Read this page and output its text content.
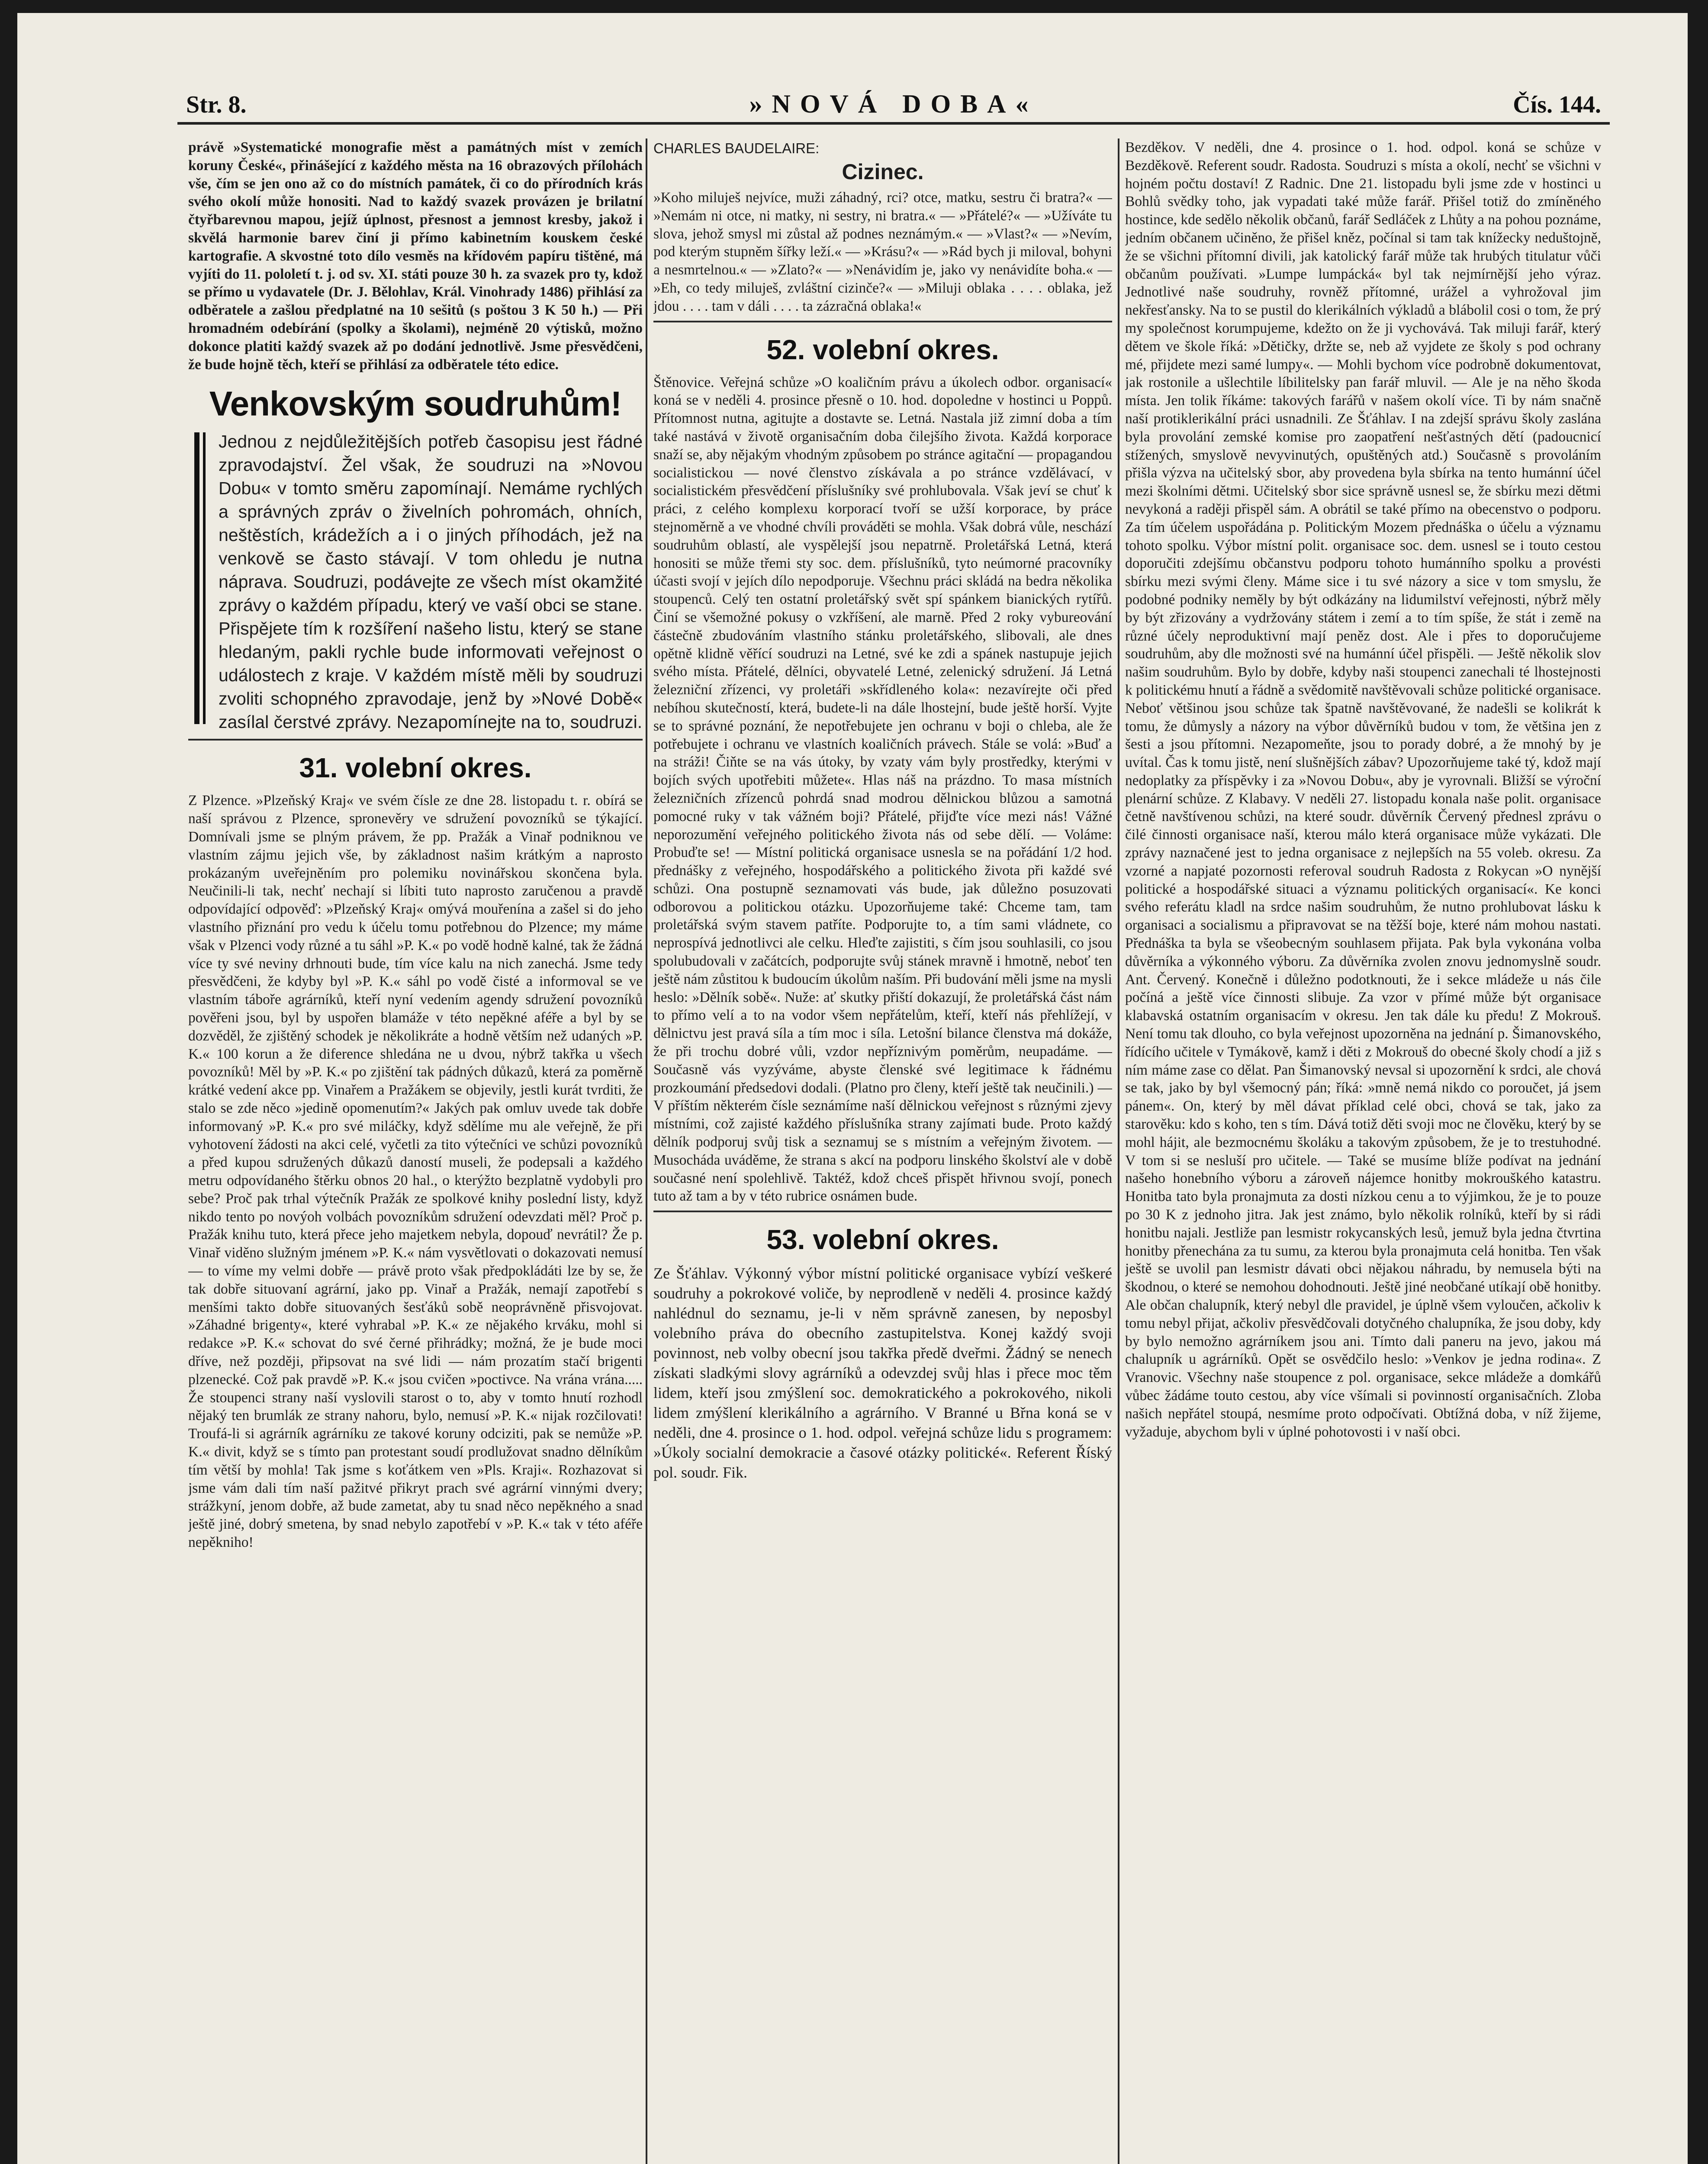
Str. 8.	»NOVÁ DOBA«	Čís. 144.

právě »Systematické monografie měst a památných míst v zemích koruny České«, přinášející z každého města na 16 obrazových přílohách vše, čím se jen ono až co do místních památek, či co do přírodních krás svého okolí může honositi. Nad to každý svazek provázen je brilatní čtyřbarevnou mapou, jejíž úplnost, přesnost a jemnost kresby, jakož i skvělá harmonie barev činí ji přímo kabinetním kouskem české kartografie. A skvostné toto dílo vesměs na křídovém papíru tištěné, má vyjíti do 11. pololetí t. j. od sv. XI. státi pouze 30 h. za svazek pro ty, kdož se přímo u vydavatele (Dr. J. Bělohlav, Král. Vinohrady 1486) přihlásí za odběratele a zašlou předplatné na 10 sešitů (s poštou 3 K 50 h.) — Při hromadném odebírání (spolky a školami), nejméně 20 výtisků, možno dokonce platiti každý svazek až po dodání jednotlivě. Jsme přesvědčeni, že bude hojně těch, kteří se přihlásí za odběratele této edice.

Venkovským soudruhům!

Jednou z nejdůležitějších potřeb časopisu jest řádné zpravodajství. Žel však, že soudruzi na »Novou Dobu« v tomto směru zapomínají. Nemáme rychlých a správných zpráv o živelních pohromách, ohních, neštěstích, krádežích a i o jiných příhodách, jež na venkově se často stávají. V tom ohledu je nutna náprava. Soudruzi, podávejte ze všech míst okamžité zprávy o každém případu, který ve vaší obci se stane. Přispějete tím k rozšíření našeho listu, který se stane hledaným, pakli rychle bude informovati veřejnost o událostech z kraje. V každém místě měli by soudruzi zvoliti schopného zpravodaje, jenž by »Nové Době« zasílal čerstvé zprávy. Nezapomínejte na to, soudruzi.

31. volební okres.

Z Plzence. »Plzeňský Kraj« ve svém čísle ze dne 28. listopadu t. r. obírá se naší správou z Plzence, spronevěry ve sdružení povozníků se týkající. Domnívali jsme se plným právem, že pp. Pražák a Vinař podniknou ve vlastním zájmu jejich vše, by základnost našim krátkým a naprosto prokázaným uveřejněním pro polemiku novinářskou skončena byla. Neučinili-li tak, nechť nechají si líbiti tuto naprosto zaručenou a pravdě odpovídající odpověď: »Plzeňský Kraj« omývá mouřenína a zašel si do jeho vlastního přiznání pro vedu k účelu tomu potřebnou do Plzence; my máme však v Plzenci vody různé a tu sáhl »P. K.« po vodě hodně kalné, tak že žádná více ty své neviny drhnouti bude, tím více kalu na nich zanechá. Jsme tedy přesvědčeni, že kdyby byl »P. K.« sáhl po vodě čisté a informoval se ve vlastním táboře agrárníků, kteří nyní vedením agendy sdružení povozníků pověřeni jsou, byl by uspořen blamáže v této nepěkné aféře a byl by se dozvěděl, že zjištěný schodek je několikráte a hodně větším než udaných »P. K.« 100 korun a že diference shledána ne u dvou, nýbrž takřka u všech povozníků! Měl by »P. K.« po zjištění tak pádných důkazů, která za poměrně krátké vedení akce pp. Vinařem a Pražákem se objevily, jestli kurát tvrditi, že stalo se zde něco »jedině opomenutím?« Jakých pak omluv uvede tak dobře informovaný »P. K.« pro své miláčky, když sdělíme mu ale veřejně, že při vyhotovení žádosti na akci celé, vyčetli za tito výtečníci ve schůzi povozníků a před kupou sdružených důkazů daností museli, že podepsali a každého metru odpovídaného štěrku obnos 20 hal., o kterýžto bezplatně vydobyli pro sebe? Proč pak trhal výtečník Pražák ze spolkové knihy poslední listy, když nikdo tento po novýoh volbách povozníkům sdružení odevzdati měl? Proč p. Pražák knihu tuto, která přece jeho majetkem nebyla, dopouď nevrátil? Že p. Vinař viděno služným jménem »P. K.« nám vysvětlovati o dokazovati nemusí — to víme my velmi dobře — právě proto však předpokládáti lze by se, že tak dobře situovaní agrární, jako pp. Vinař a Pražák, nemají zapotřebí s menšími takto dobře situovaných šesťáků sobě neoprávněně přisvojovat. »Záhadné brigenty«, které vyhrabal »P. K.« ze nějakého krváku, mohl si redakce »P. K.« schovat do své černé přihrádky; možná, že je bude moci dříve, než později, připsovat na své lidi — nám prozatím stačí brigenti plzenecké. Což pak pravdě »P. K.« jsou cvičen »poctivce. Na vrána vrána..... Že stoupenci strany naší vyslovili starost o to, aby v tomto hnutí rozhodl nějaký ten brumlák ze strany nahoru, bylo, nemusí »P. K.« nijak rozčilovati! Troufá-li si agrárník agrárníku ze takové koruny odciziti, pak se nemůže »P. K.« divit, když se s tímto pan protestant soudí prodlužovat snadno dělníkům tím větší by mohla! Tak jsme s koťátkem ven »Pls. Kraji«. Rozhazovat si jsme vám dali tím naší pažitvé přikryt prach své agrární vinnými dvery; strážkyní, jenom dobře, až bude zametat, aby tu snad něco nepěkného a snad ještě jiné, dobrý smetena, by snad nebylo zapotřebí v »P. K.« tak v této aféře nepěkniho!

CHARLES BAUDELAIRE:
Cizinec.

»Koho miluješ nejvíce, muži záhadný, rci? otce, matku, sestru či bratra?« — »Nemám ni otce, ni matky, ni sestry, ni bratra.« — »Přátelé?« — »Užíváte tu slova, jehož smysl mi zůstal až podnes neznámým.« — »Vlast?« — »Nevím, pod kterým stupněm šířky leží.« — »Krásu?« — »Rád bych ji miloval, bohyni a nesmrtelnou.« — »Zlato?« — »Nenávidím je, jako vy nenávidíte boha.« — »Eh, co tedy miluješ, zvláštní cizinče?« — »Miluji oblaka . . . . oblaka, jež jdou . . . . tam v dáli . . . . ta zázračná oblaka!«

52. volební okres.

Štěnovice. Veřejná schůze »O koaličním právu a úkolech odbor. organisací« koná se v neděli 4. prosince přesně o 10. hod. dopoledne v hostinci u Poppů. Přítomnost nutna, agitujte a dostavte se. Letná. Nastala již zimní doba a tím také nastává v životě organisačním doba čilejšího života. Každá korporace snaží se, aby nějakým vhodným způsobem po stránce agitační — propagandou socialistickou — nové členstvo získávala a po stránce vzdělávací, v socialistickém přesvědčení příslušníky své prohlubovala. Však jeví se chuť k práci, z celého komplexu korporací tvoří se užší korporace, by práce stejnoměrně a ve vhodné chvíli prováděti se mohla. Však dobrá vůle, neschází soudruhům oblastí, ale vyspělejší jsou nepatrně. Proletářská Letná, která honositi se může třemi sty soc. dem. příslušníků, tyto neúmorné pracovníky účasti svojí v jejích dílo nepodporuje. Všechnu práci skládá na bedra několika stoupenců. Celý ten ostatní proletářský svět spí spánkem bianických rytířů. Činí se všemožné pokusy o vzkříšení, ale marně. Před 2 roky vybureování částečně zbudováním vlastního stánku proletářského, slibovali, ale dnes opětně klidně věřící soudruzi na Letné, své ke zdi a spánek nastupuje jejich svého místa. Přátelé, dělníci, obyvatelé Letné, zelenický sdružení. Já Letná železniční zřízenci, vy proletáři »skřídleného kola«: nezavírejte oči před nebíhou skutečností, která, budete-li na dále lhostejní, bude ještě horší. Vyjte se to správné poznání, že nepotřebujete jen ochranu v boji o chleba, ale že potřebujete i ochranu ve vlastních koaličních právech. Stále se volá: »Buď a na stráži! Čiňte se na vás útoky, by vzaty vám byly prostředky, kterými v bojích svých upotřebiti můžete«. Hlas náš na prázdno. To masa místních železničních zřízenců pohrdá snad modrou dělnickou blůzou a samotná pomocné ruky v tak vážném boji? Přátelé, přijďte více mezi nás! Vážné neporozumění veřejného politického života nás od sebe dělí. — Voláme: Probuďte se! — Místní politická organisace usnesla se na pořádání 1/2 hod. přednášky z veřejného, hospodářského a politického života při každé své schůzi. Ona postupně seznamovati vás bude, jak důležno posuzovati odborovou a politickou otázku. Upozorňujeme také: Chceme tam, tam proletářská svým stavem patříte. Podporujte to, a tím sami vládnete, co neprospívá jednotlivci ale celku. Hleďte zajistiti, s čím jsou souhlasili, co jsou spolubudovali v začátcích, podporujte svůj stánek mravně i hmotně, neboť ten ještě nám zůstitou k budoucím úkolům naším. Při budování měli jsme na mysli heslo: »Dělník sobě«. Nuže: ať skutky přiští dokazují, že proletářská část nám to přímo velí a to na vodor všem nepřátelům, kteří, kteří nás přehlížejí, v dělnictvu jest pravá síla a tím moc i síla. Letošní bilance členstva má dokáže, že při trochu dobré vůli, vzdor nepříznivým poměrům, neupadáme. — Současně vás vyzýváme, abyste členské své legitimace k řádnému prozkoumání předsedovi dodali. (Platno pro členy, kteří ještě tak neučinili.) — V příštím některém čísle seznámíme naší dělnickou veřejnost s různými zjevy místními, což zajisté každého příslušníka strany zajímati bude. Proto každý dělník podporuj svůj tisk a seznamuj se s místním a veřejným životem. — Musocháda uváděme, že strana s akcí na podporu linského školství ale v době současné není spolehlivě. Taktéž, kdož chceš přispět hřivnou svojí, ponech tuto až tam a by v této rubrice osnámen bude.

53. volební okres.

Ze Šťáhlav. Výkonný výbor místní politické organisace vybízí veškeré soudruhy a pokrokové voliče, by neprodleně v neděli 4. prosince každý nahlédnul do seznamu, je-li v něm správně zanesen, by neposbyl volebního práva do obecního zastupitelstva. Konej každý svoji povinnost, neb volby obecní jsou takřka předě dveřmi. Žádný se nenech získati sladkými slovy agrárníků a odevzdej svůj hlas i přece moc těm lidem, kteří jsou zmýšlení soc. demokratického a pokrokového, nikoli lidem zmýšlení klerikálního a agrárního. V Branné u Břna koná se v neděli, dne 4. prosince o 1. hod. odpol. veřejná schůze lidu s programem: »Úkoly socialní demokracie a časové otázky politické«. Referent Říský pol. soudr. Fik.

Bezděkov. V neděli, dne 4. prosince o 1. hod. odpol. koná se schůze v Bezděkově. Referent soudr. Radosta. Soudruzi s místa a okolí, nechť se všichni v hojném počtu dostaví! Z Radnic. Dne 21. listopadu byli jsme zde v hostinci u Bohlů svědky toho, jak vypadati také může farář. Přišel totiž do zmíněného hostince, kde sedělo několik občanů, farář Sedláček z Lhůty a na pohou poznáme, jedním občanem učiněno, že přišel kněz, počínal si tam tak knížecky neduštojně, že se všichni přítomní divili, jak katolický farář může tak hrubých titulatur vůči občanům používati. »Lumpe lumpácká« byl tak nejmírnější jeho výraz. Jednotlivé naše soudruhy, rovněž přítomné, urážel a vyhrožoval jim nekřesťansky. Na to se pustil do klerikálních výkladů a blábolil cosi o tom, že prý my společnost korumpujeme, kdežto on že ji vychovává. Tak miluji farář, který dětem ve škole říká: »Dětičky, držte se, neb až vyjdete ze školy s pod ochrany mé, přijdete mezi samé lumpy«. — Mohli bychom více podrobně dokumentovat, jak rostonile a ušlechtile líbilitelsky pan farář mluvil. — Ale je na něho škoda místa. Jen tolik říkáme: takových farářů v našem okolí více. Ti by nám snačně naší protiklerikální práci usnadnili. Ze Šťáhlav. I na zdejší správu školy zaslána byla provolání zemské komise pro zaopatření nešťastných dětí (padoucnicí stížených, smyslově nevyvinutých, opuštěných atd.) Současně s provoláním přišla výzva na učitelský sbor, aby provedena byla sbírka na tento humánní účel mezi školními dětmi. Učitelský sbor sice správně usnesl se, že sbírku mezi dětmi nevykoná a raději přispěl sám. A obrátil se také přímo na obecenstvo o podporu. Za tím účelem uspořádána p. Politickým Mozem přednáška o účelu a významu tohoto spolku. Výbor místní polit. organisace soc. dem. usnesl se i touto cestou doporučiti zdejšímu občanstvu podporu tohoto humánního spolku a provésti sbírku mezi svými členy. Máme sice i tu své názory a sice v tom smyslu, že podobné podniky neměly by být odkázány na lidumilství veřejnosti, nýbrž měly by být zřizovány a vydržovány státem i zemí a to tím spíše, že stát i země na různé účely neproduktivní mají peněz dost. Ale i přes to doporučujeme soudruhům, aby dle možnosti své na humánní účel přispěli. — Ještě několik slov našim soudruhům. Bylo by dobře, kdyby naši stoupenci zanechali té lhostejnosti k politickému hnutí a řádně a svědomitě navštěvovali schůze politické organisace. Neboť většinou jsou schůze tak špatně navštěvované, že nadešli se kolikrát k tomu, že důmysly a názory na výbor důvěrníků budou v tom, že většina jen z šesti a jsou přítomni. Nezapomeňte, jsou to porady dobré, a že mnohý by je uvítal. Čas k tomu jistě, není slušnějších zábav? Upozorňujeme také tý, kdož mají nedoplatky za příspěvky i za »Novou Dobu«, aby je vyrovnali. Bližší se výroční plenární schůze. Z Klabavy. V neděli 27. listopadu konala naše polit. organisace četně navštívenou schůzi, na které soudr. důvěrník Červený přednesl zprávu o čilé činnosti organisace naší, kterou málo která organisace může vykázati. Dle zprávy naznačené jest to jedna organisace z nejlepších na 55 voleb. okresu. Za vzorné a napjaté pozornosti referoval soudruh Radosta z Rokycan »O nynější politické a hospodářské situaci a významu politických organisací«. Ke konci svého referátu kladl na srdce našim soudruhům, že nutno prohlubovat lásku k organisaci a socialismu a připravovat se na těžší boje, které nám mohou nastati. Přednáška ta byla se všeobecným souhlasem přijata. Pak byla vykonána volba důvěrníka a výkonného výboru. Za důvěrníka zvolen znovu jednomyslně soudr. Ant. Červený. Konečně i důležno podotknouti, že i sekce mládeže u nás čile počíná a ještě více činnosti slibuje. Za vzor v přímé může být organisace klabavská ostatním organisacím v okresu. Jen tak dále ku předu! Z Mokrouš. Není tomu tak dlouho, co byla veřejnost upozorněna na jednání p. Šimanovského, řídícího učitele v Tymákově, kamž i děti z Mokrouš do obecné školy chodí a již s ním máme zase co dělat. Pan Šimanovský nevsal si upozornění k srdci, ale chová se tak, jako by byl všemocný pán; říká: »mně nemá nikdo co poroučet, já jsem pánem«. On, který by měl dávat příklad celé obci, chová se tak, jako za starověku: kdo s koho, ten s tím. Dává totiž děti svoji moc ne člověku, který by se mohl hájit, ale bezmocnému školáku a takovým způsobem, že je to trestuhodné. V tom si se nesluší pro učitele. — Také se musíme blíže podívat na jednání našeho honebního výboru a zároveň nájemce honitby mokrouškého katastru. Honitba tato byla pronajmuta za dosti nízkou cenu a to výjimkou, že je to pouze po 30 K z jednoho jitra. Jak jest známo, bylo několik rolníků, kteří by si rádi honitbu najali. Jestliže pan lesmistr rokycanských lesů, jemuž byla jedna čtvrtina honitby přenechána za tu sumu, za kterou byla pronajmuta celá honitba. Ten však ještě se uvolil pan lesmistr dávati obci nějakou náhradu, by nemusela býti na škodnou, o které se nemohou dohodnouti. Ještě jiné neobčané utíkají obě honitby. Ale občan chalupník, který nebyl dle pravidel, je úplně všem vyloučen, ačkoliv k tomu nebyl přijat, ačkoliv přesvědčovali dotyčného chalupníka, že jsou doby, kdy by bylo nemožno agrárníkem jsou ani. Tímto dali paneru na jevo, jakou má chalupník u agrárníků. Opět se osvědčilo heslo: »Venkov je jedna rodina«. Z Vranovic. Všechny naše stoupence z pol. organisace, sekce mládeže a domkářů vůbec žádáme touto cestou, aby více všímali si povinností organisačních. Zloba našich nepřátel stoupá, nesmíme proto odpočívati. Obtížná doba, v níž žijeme, vyžaduje, abychom byli v úplné pohotovosti i v naší obci.
